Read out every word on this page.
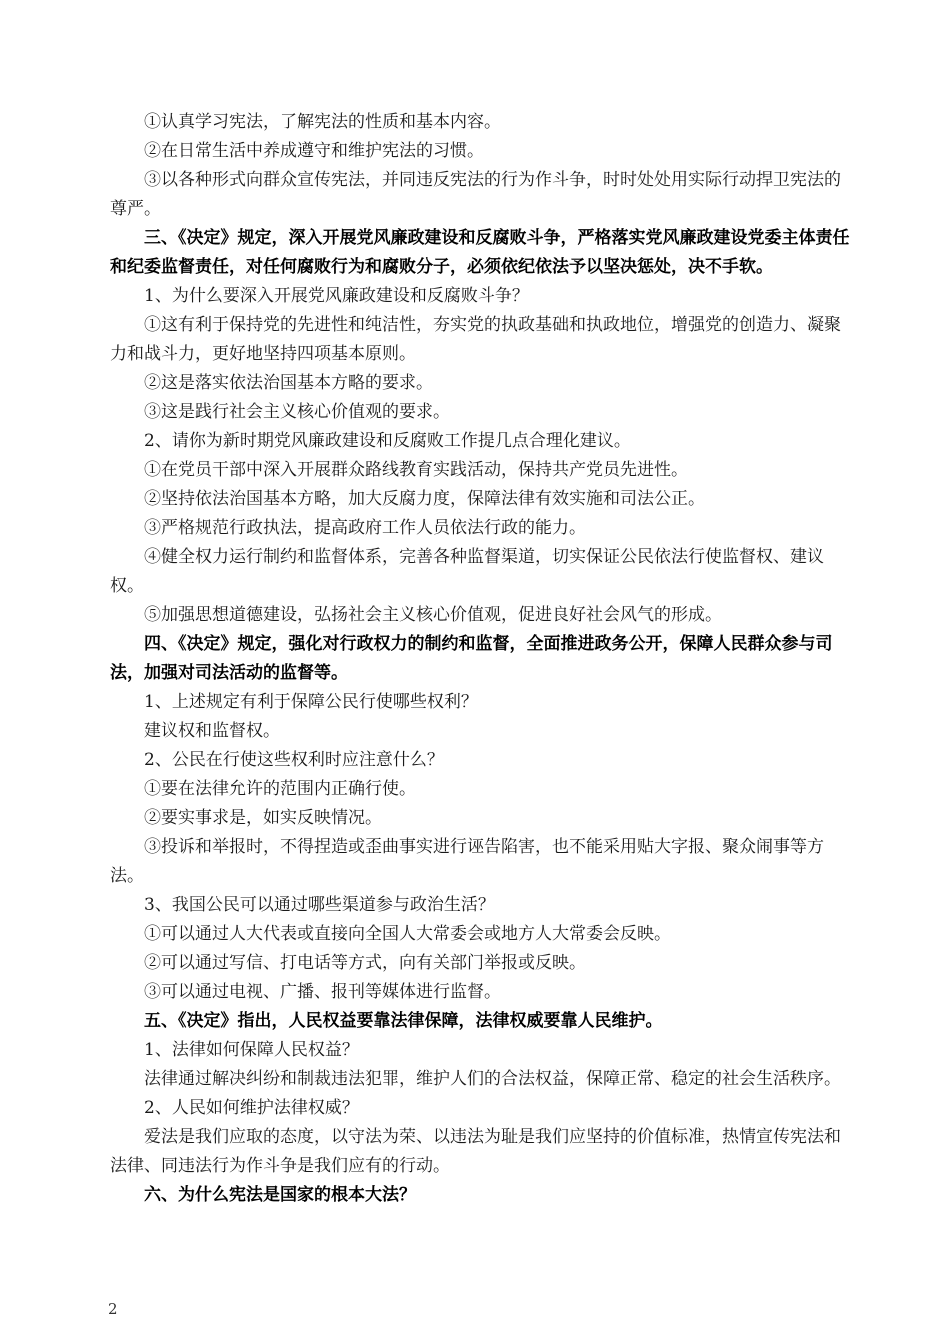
①认真学习宪法，了解宪法的性质和基本内容。

②在日常生活中养成遵守和维护宪法的习惯。

③以各种形式向群众宣传宪法，并同违反宪法的行为作斗争，时时处处用实际行动捍卫宪法的尊严。

三、《决定》规定，深入开展党风廉政建设和反腐败斗争，严格落实党风廉政建设党委主体责任和纪委监督责任，对任何腐败行为和腐败分子，必须依纪依法予以坚决惩处，决不手软。

1、为什么要深入开展党风廉政建设和反腐败斗争？

①这有利于保持党的先进性和纯洁性，夯实党的执政基础和执政地位，增强党的创造力、凝聚力和战斗力，更好地坚持四项基本原则。

②这是落实依法治国基本方略的要求。

③这是践行社会主义核心价值观的要求。

2、请你为新时期党风廉政建设和反腐败工作提几点合理化建议。

①在党员干部中深入开展群众路线教育实践活动，保持共产党员先进性。

②坚持依法治国基本方略，加大反腐力度，保障法律有效实施和司法公正。

③严格规范行政执法，提高政府工作人员依法行政的能力。

④健全权力运行制约和监督体系，完善各种监督渠道，切实保证公民依法行使监督权、建议权。

⑤加强思想道德建设，弘扬社会主义核心价值观，促进良好社会风气的形成。

四、《决定》规定，强化对行政权力的制约和监督，全面推进政务公开，保障人民群众参与司法，加强对司法活动的监督等。

1、上述规定有利于保障公民行使哪些权利？

建议权和监督权。

2、公民在行使这些权利时应注意什么？

①要在法律允许的范围内正确行使。

②要实事求是，如实反映情况。

③投诉和举报时，不得捏造或歪曲事实进行诬告陷害，也不能采用贴大字报、聚众闹事等方法。

3、我国公民可以通过哪些渠道参与政治生活？

①可以通过人大代表或直接向全国人大常委会或地方人大常委会反映。

②可以通过写信、打电话等方式，向有关部门举报或反映。

③可以通过电视、广播、报刊等媒体进行监督。

五、《决定》指出，人民权益要靠法律保障，法律权威要靠人民维护。

1、法律如何保障人民权益？

法律通过解决纠纷和制裁违法犯罪，维护人们的合法权益，保障正常、稳定的社会生活秩序。

2、人民如何维护法律权威？

爱法是我们应取的态度，以守法为荣、以违法为耻是我们应坚持的价值标准，热情宣传宪法和法律、同违法行为作斗争是我们应有的行动。

六、为什么宪法是国家的根本大法？

2
